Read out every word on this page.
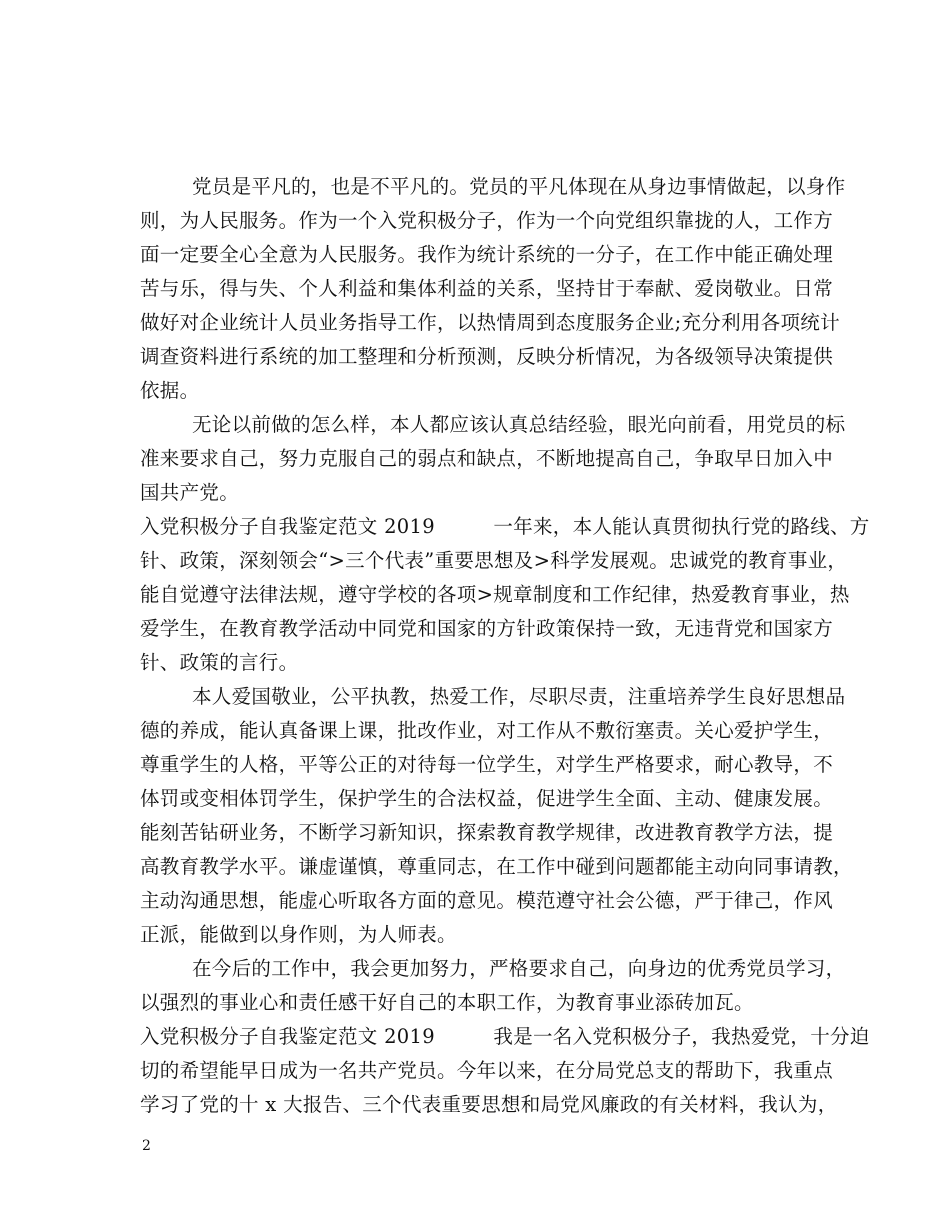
党员是平凡的，也是不平凡的。党员的平凡体现在从身边事情做起，以身作
则，为人民服务。作为一个入党积极分子，作为一个向党组织靠拢的人，工作方
面一定要全心全意为人民服务。我作为统计系统的一分子，在工作中能正确处理
苦与乐，得与失、个人利益和集体利益的关系，坚持甘于奉献、爱岗敬业。日常
做好对企业统计人员业务指导工作，以热情周到态度服务企业;充分利用各项统计
调查资料进行系统的加工整理和分析预测，反映分析情况，为各级领导决策提供
依据。
无论以前做的怎么样，本人都应该认真总结经验，眼光向前看，用党员的标
准来要求自己，努力克服自己的弱点和缺点，不断地提高自己，争取早日加入中
国共产党。
入党积极分子自我鉴定范文 2019         一年来，本人能认真贯彻执行党的路线、方
针、政策，深刻领会“>三个代表”重要思想及>科学发展观。忠诚党的教育事业，
能自觉遵守法律法规，遵守学校的各项>规章制度和工作纪律，热爱教育事业，热
爱学生，在教育教学活动中同党和国家的方针政策保持一致，无违背党和国家方
针、政策的言行。
本人爱国敬业，公平执教，热爱工作，尽职尽责，注重培养学生良好思想品
德的养成，能认真备课上课，批改作业，对工作从不敷衍塞责。关心爱护学生，
尊重学生的人格，平等公正的对待每一位学生，对学生严格要求，耐心教导，不
体罚或变相体罚学生，保护学生的合法权益，促进学生全面、主动、健康发展。
能刻苦钻研业务，不断学习新知识，探索教育教学规律，改进教育教学方法，提
高教育教学水平。谦虚谨慎，尊重同志，在工作中碰到问题都能主动向同事请教，
主动沟通思想，能虚心听取各方面的意见。模范遵守社会公德，严于律己，作风
正派，能做到以身作则，为人师表。
在今后的工作中，我会更加努力，严格要求自己，向身边的优秀党员学习，
以强烈的事业心和责任感干好自己的本职工作，为教育事业添砖加瓦。
入党积极分子自我鉴定范文 2019         我是一名入党积极分子，我热爱党，十分迫
切的希望能早日成为一名共产党员。今年以来，在分局党总支的帮助下，我重点
学习了党的十 x 大报告、三个代表重要思想和局党风廉政的有关材料，我认为，
2
